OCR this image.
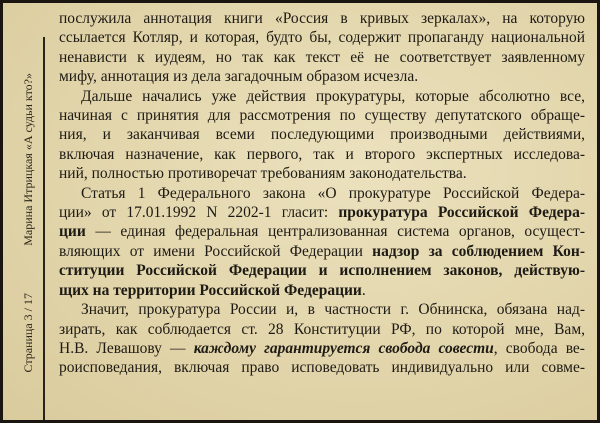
Марина Итрицкая «А судьи кто?»
Страница 3 / 17

послужила аннотация книги «Россия в кривых зеркалах», на которую
ссылается Котляр, и которая, будто бы, содержит пропаганду национальной
ненависти к иудеям, но так как текст её не соответствует заявленному
мифу, аннотация из дела загадочным образом исчезла.

Дальше начались уже действия прокуратуры, которые абсолютно все,
начиная с принятия для рассмотрения по существу депутатского обраще-
ния, и заканчивая всеми последующими производными действиями,
включая назначение, как первого, так и второго экспертных исследова-
ний, полностью противоречат требованиям законодательства.

Статья 1 Федерального закона «О прокуратуре Российской Федера-
ции» от 17.01.1992 N 2202-1 гласит: прокуратура Российской Федера-
ции — единая федеральная централизованная система органов, осущест-
вляющих от имени Российской Федерации надзор за соблюдением Кон-
ституции Российской Федерации и исполнением законов, действую-
щих на территории Российской Федерации.

Значит, прокуратура России и, в частности г. Обнинска, обязана над-
зирать, как соблюдается ст. 28 Конституции РФ, по которой мне, Вам,
Н.В. Левашову — каждому гарантируется свобода совести, свобода ве-
роисповедания, включая право исповедовать индивидуально или совме-
